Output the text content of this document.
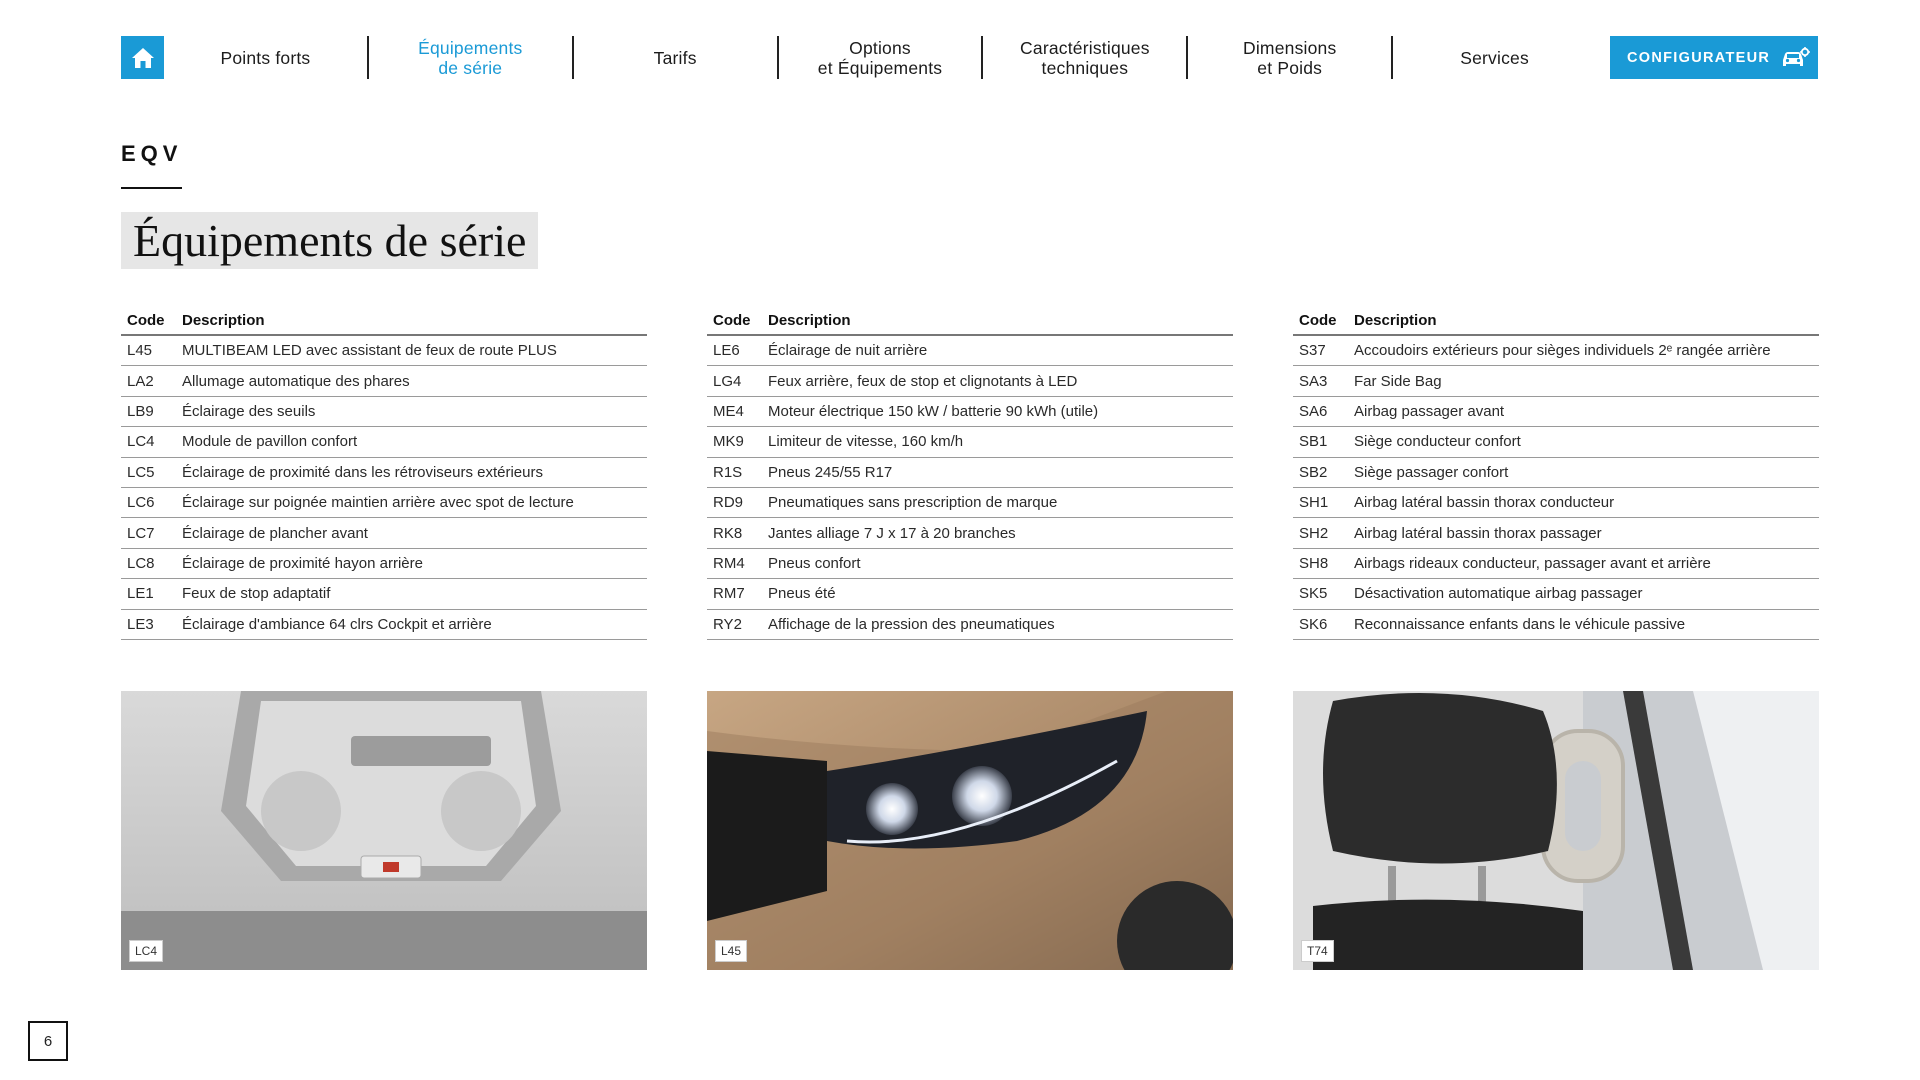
Points forts	Équipements
de série	Tarifs	Options
et Équipements
Caractéristiques
techniques
Dimensions
et Poids	Services	CONFIGURATEUR
EQV
Équipements de série
Code	Description
L45	MULTIBEAM LED avec assistant de feux de route PLUS
LA2	Allumage automatique des phares
LB9	Éclairage des seuils
LC4	Module de pavillon confort
LC5	Éclairage de proximité dans les rétroviseurs extérieurs
LC6	Éclairage sur poignée maintien arrière avec spot de lecture
LC7	Éclairage de plancher avant
LC8	Éclairage de proximité hayon arrière
LE1	Feux de stop adaptatif
LE3	Éclairage d'ambiance 64 clrs Cockpit et arrière
Code	Description
LE6	Éclairage de nuit arrière
LG4	Feux arrière, feux de stop et clignotants à LED
ME4	Moteur électrique 150 kW / batterie 90 kWh (utile)
MK9	Limiteur de vitesse, 160 km/h
R1S	Pneus 245/55 R17
RD9	Pneumatiques sans prescription de marque
RK8	Jantes alliage 7 J x 17 à 20 branches
RM4	Pneus confort
RM7	Pneus été
RY2	Affichage de la pression des pneumatiques
Code	Description
S37	Accoudoirs extérieurs pour sièges individuels 2ᵉ rangée arrière
SA3	Far Side Bag
SA6	Airbag passager avant
SB1	Siège conducteur confort
SB2	Siège passager confort
SH1	Airbag latéral bassin thorax conducteur
SH2	Airbag latéral bassin thorax passager
SH8	Airbags rideaux conducteur, passager avant et arrière
SK5	Désactivation automatique airbag passager
SK6	Reconnaissance enfants dans le véhicule passive
LC4	L45	T74
6
